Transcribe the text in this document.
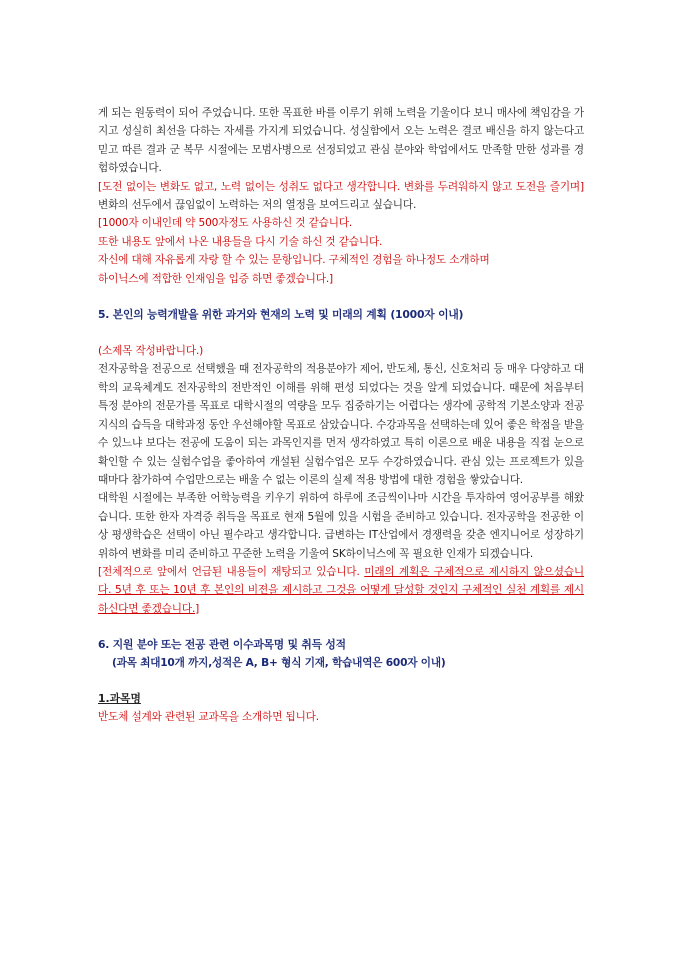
게 되는 원동력이 되어 주었습니다. 또한 목표한 바를 이루기 위해 노력을 기울이다 보니 매사에 책임감을 가지고 성실히 최선을 다하는 자세를 가지게 되었습니다. 성실함에서 오는 노력은 결코 배신을 하지 않는다고 믿고 따른 결과 군 복무 시절에는 모범사병으로 선정되었고 관심 분야와 학업에서도 만족할 만한 성과를 경험하였습니다.

[도전 없이는 변화도 없고, 노력 없이는 성취도 없다고 생각합니다. 변화를 두려워하지 않고 도전을 즐기며] 변화의 선두에서 끊임없이 노력하는 저의 열정을 보여드리고 싶습니다.

[1000자 이내인데 약 500자정도 사용하신 것 같습니다.

또한 내용도 앞에서 나온 내용들을 다시 기술 하신 것 같습니다.

자신에 대해 자유롭게 자랑 할 수 있는 문항입니다. 구체적인 경험을 하나정도 소개하며

하이닉스에 적합한 인재임을 입증 하면 좋겠습니다.]

5. 본인의 능력개발을 위한 과거와 현재의 노력 및 미래의 계획 (1000자 이내)

(소제목 작성바랍니다.)

전자공학을 전공으로 선택했을 때 전자공학의 적용분야가 제어, 반도체, 통신, 신호처리 등 매우 다양하고 대학의 교육체계도 전자공학의 전반적인 이해를 위해 편성 되었다는 것을 알게 되었습니다. 때문에 처음부터 특정 분야의 전문가를 목표로 대학시절의 역량을 모두 집중하기는 어렵다는 생각에 공학적 기본소양과 전공지식의 습득을 대학과정 동안 우선해야할 목표로 삼았습니다. 수강과목을 선택하는데 있어 좋은 학점을 받을 수 있느냐 보다는 전공에 도움이 되는 과목인지를 먼저 생각하였고 특히 이론으로 배운 내용을 직접 눈으로 확인할 수 있는 실험수업을 좋아하여 개설된 실험수업은 모두 수강하였습니다. 관심 있는 프로젝트가 있을 때마다 참가하여 수업만으로는 배울 수 없는 이론의 실제 적용 방법에 대한 경험을 쌓았습니다.

대학원 시절에는 부족한 어학능력을 키우기 위하여 하루에 조금씩이나마 시간을 투자하여 영어공부를 해왔습니다. 또한 한자 자격증 취득을 목표로 현재 5월에 있을 시험을 준비하고 있습니다. 전자공학을 전공한 이상 평생학습은 선택이 아닌 필수라고 생각합니다. 급변하는 IT산업에서 경쟁력을 갖춘 엔지니어로 성장하기 위하여 변화를 미리 준비하고 꾸준한 노력을 기울여 SK하이닉스에 꼭 필요한 인재가 되겠습니다.

[전체적으로 앞에서 언급된 내용들이 재탕되고 있습니다. 미래의 계획은 구체적으로 제시하지 않으셨습니다. 5년 후 또는 10년 후 본인의 비젼을 제시하고 그것을 어떻게 달성할 것인지 구체적인 실천 계획를 제시하신다면 좋겠습니다.]

6. 지원 분야 또는 전공 관련 이수과목명 및 취득 성적

(과목 최대10개 까지,성적은 A, B+ 형식 기재, 학습내역은 600자 이내)

1.과목명

반도체 설계와 관련된 교과목을 소개하면 됩니다.
